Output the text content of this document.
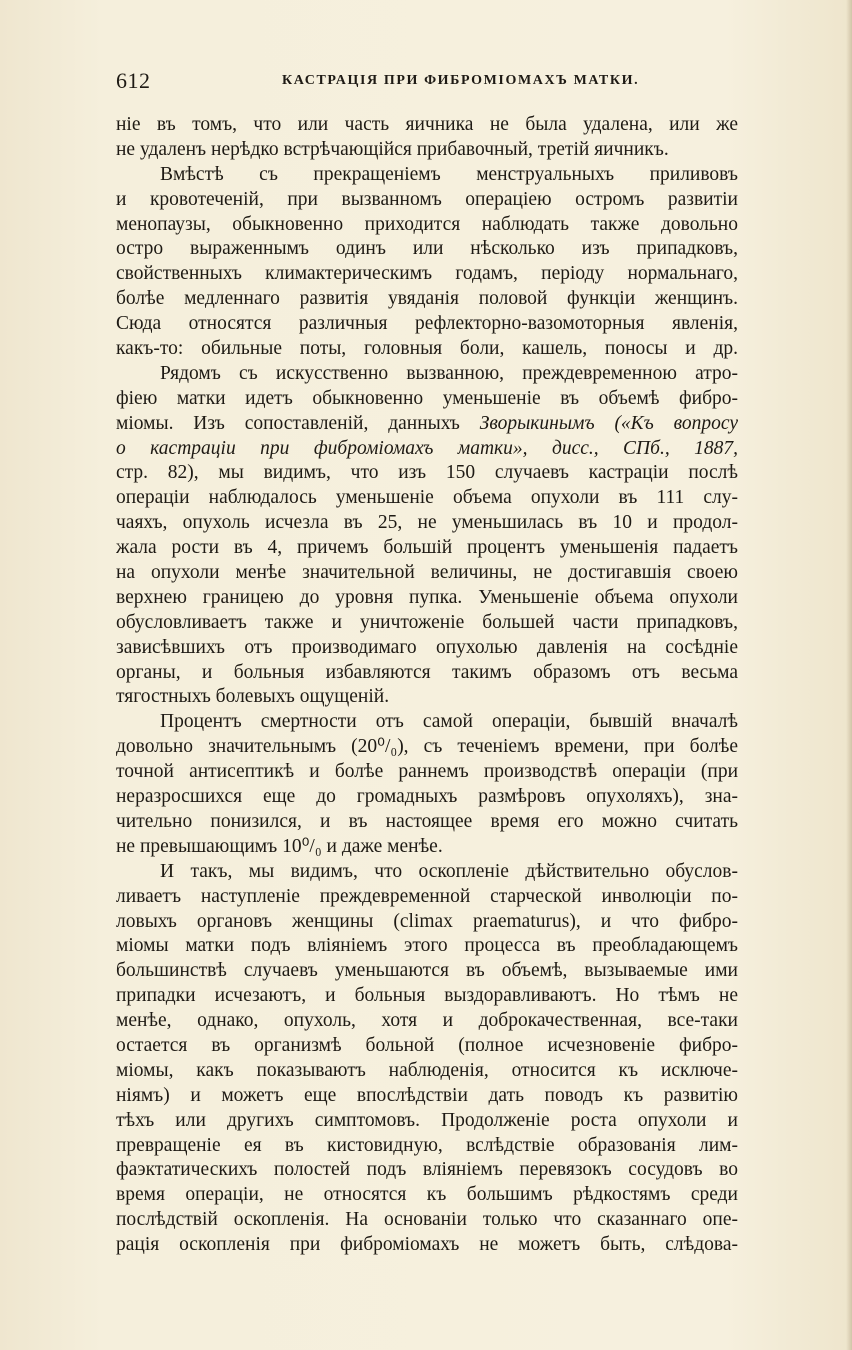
612	КАСТРАЦІЯ ПРИ ФИБРОМІОМАХЪ МАТКИ.
ніе въ томъ, что или часть яичника не была удалена, или же
не удаленъ нерѣдко встрѣчающійся прибавочный, третій яичникъ.
Вмѣстѣ съ прекращеніемъ менструальныхъ приливовъ
и кровотеченій, при вызванномъ операціею остромъ развитіи
менопаузы, обыкновенно приходится наблюдать также довольно
остро выраженнымъ одинъ или нѣсколько изъ припадковъ,
свойственныхъ климактерическимъ годамъ, періоду нормальнаго,
болѣе медленнаго развитія увяданія половой функціи женщинъ.
Сюда относятся различныя рефлекторно-вазомоторныя явленія,
какъ-то: обильные поты, головныя боли, кашель, поносы и др.
Рядомъ съ искусственно вызванною, преждевременною атро-
фіею матки идетъ обыкновенно уменьшеніе въ объемѣ фибро-
міомы. Изъ сопоставленій, данныхъ Зворыкинымъ («Къ вопросу
о кастраціи при фиброміомахъ матки», дисс., СПб., 1887,
стр. 82), мы видимъ, что изъ 150 случаевъ кастраціи послѣ
операціи наблюдалось уменьшеніе объема опухоли въ 111 слу-
чаяхъ, опухоль исчезла въ 25, не уменьшилась въ 10 и продол-
жала рости въ 4, причемъ большій процентъ уменьшенія падаетъ
на опухоли менѣе значительной величины, не достигавшія своею
верхнею границею до уровня пупка. Уменьшеніе объема опухоли
обусловливаетъ также и уничтоженіе большей части припадковъ,
зависѣвшихъ отъ производимаго опухолью давленія на сосѣдніе
органы, и больныя избавляются такимъ образомъ отъ весьма
тягостныхъ болевыхъ ощущеній.
Процентъ смертности отъ самой операціи, бывшій вначалѣ
довольно значительнымъ (20⁰/₀), съ теченіемъ времени, при болѣе
точной антисептикѣ и болѣе раннемъ производствѣ операціи (при
неразросшихся еще до громадныхъ размѣровъ опухоляхъ), зна-
чительно понизился, и въ настоящее время его можно считать
не превышающимъ 10⁰/₀ и даже менѣе.
И такъ, мы видимъ, что оскопленіе дѣйствительно обуслов-
ливаетъ наступленіе преждевременной старческой инволюціи по-
ловыхъ органовъ женщины (climax praematurus), и что фибро-
міомы матки подъ вліяніемъ этого процесса въ преобладающемъ
большинствѣ случаевъ уменьшаются въ объемѣ, вызываемые ими
припадки исчезаютъ, и больныя выздоравливаютъ. Но тѣмъ не
менѣе, однако, опухоль, хотя и доброкачественная, все-таки
остается въ организмѣ больной (полное исчезновеніе фибро-
міомы, какъ показываютъ наблюденія, относится къ исключе-
ніямъ) и можетъ еще впослѣдствіи дать поводъ къ развитію
тѣхъ или другихъ симптомовъ. Продолженіе роста опухоли и
превращеніе ея въ кистовидную, вслѣдствіе образованія лим-
фаэктатическихъ полостей подъ вліяніемъ перевязокъ сосудовъ во
время операціи, не относятся къ большимъ рѣдкостямъ среди
послѣдствій оскопленія. На основаніи только что сказаннаго опе-
рація оскопленія при фиброміомахъ не можетъ быть, слѣдова-
